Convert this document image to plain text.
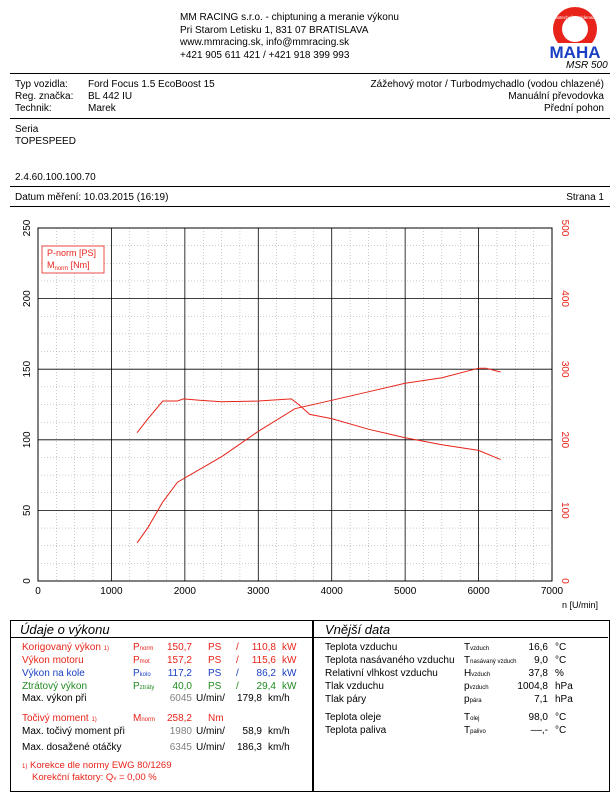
MM RACING s.r.o. - chiptuning a meranie výkonu
Pri Starom Letisku 1, 831 07 BRATISLAVA
www.mmracing.sk, info@mmracing.sk
+421 905 611 421 / +421 918 399 993
Messtechnik Haldenwang
MAHA
MSR 500
Typ vozidla: Ford Focus 1.5 EcoBoost 15
Reg. značka: BL 442 IU
Technik:	Marek
Zážehový motor / Turbodmychadlo (vodou chlazené)
Manuální převodovka
Přední pohon
Seria
TOPESPEED
2.4.60.100.100.70
Datum měření: 10.03.2015 (16:19)	Strana 1
0	1000	2000	3000	4000	5000	6000	7000
0
50
100
150
200
250
0
100
200
300
400
500
P-norm [PS]
$M_{norm}$ [Nm]
n [U/min]
Údaje o výkonu	Vnější data
Korigovaný výkon 1) Pnorm	150,7 PS /	110,8 kW
Výkon motoru	Pmot	157,2 PS /	115,6 kW
Výkon na kole	Pkolo	117,2 PS /	86,2 kW
Ztrátový výkon	Pztráty	40,0 PS /	29,4 kW
Teplota vzduchu	Tvzduch	16,6 °C
Teplota nasávaného vzduchu Tnasávaný vzduch	9,0 °C
Relativní vlhkost vzduchu	Hvzduch	37,8 %
Tlak vzduchu	pvzduch	1004,8 hPa
Tlak páry	ppára	7,1 hPa
Teplota oleje	Tolej	98,0 °C
Teplota paliva	Tpalivo	––,- °C
Max. výkon při	6045 U/min/	179,8 km/h
Točivý moment 1)	Mnorm	258,2 Nm
Max. točivý moment při	1980 U/min/	58,9 km/h
Max. dosažené otáčky	6345 U/min/	186,3 km/h
1) Korekce dle normy EWG 80/1269
Korekční faktory: Qv = 0,00 %
